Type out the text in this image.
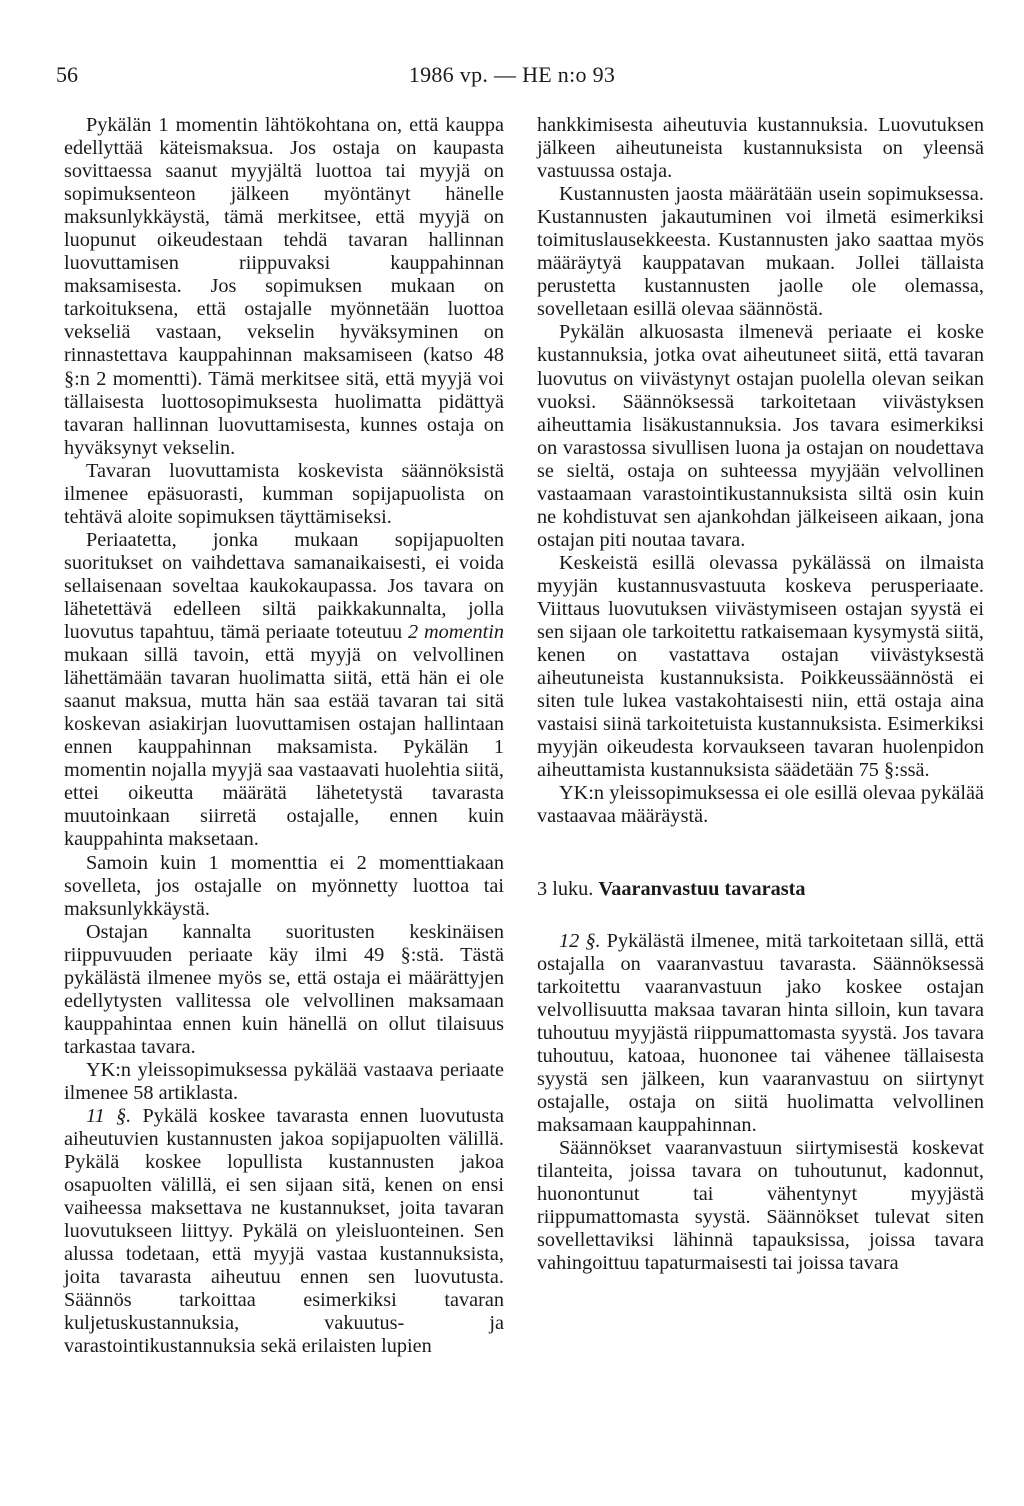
56	1986 vp. — HE n:o 93

Pykälän 1 momentin lähtökohtana on, että kauppa edellyttää käteismaksua. Jos ostaja on kaupasta sovittaessa saanut myyjältä luottoa tai myyjä on sopimuksenteon jälkeen myöntänyt hänelle maksunlykkäystä, tämä merkitsee, että myyjä on luopunut oikeudestaan tehdä tavaran hallinnan luovuttamisen riippuvaksi kauppahinnan maksamisesta. Jos sopimuksen mukaan on tarkoituksena, että ostajalle myönnetään luottoa vekseliä vastaan, vekselin hyväksyminen on rinnastettava kauppahinnan maksamiseen (katso 48 §:n 2 momentti). Tämä merkitsee sitä, että myyjä voi tällaisesta luottosopimuksesta huolimatta pidättyä tavaran hallinnan luovuttamisesta, kunnes ostaja on hyväksynyt vekselin.

Tavaran luovuttamista koskevista säännöksistä ilmenee epäsuorasti, kumman sopijapuolista on tehtävä aloite sopimuksen täyttämiseksi.

Periaatetta, jonka mukaan sopijapuolten suoritukset on vaihdettava samanaikaisesti, ei voida sellaisenaan soveltaa kaukokaupassa. Jos tavara on lähetettävä edelleen siltä paikkakunnalta, jolla luovutus tapahtuu, tämä periaate toteutuu 2 momentin mukaan sillä tavoin, että myyjä on velvollinen lähettämään tavaran huolimatta siitä, että hän ei ole saanut maksua, mutta hän saa estää tavaran tai sitä koskevan asiakirjan luovuttamisen ostajan hallintaan ennen kauppahinnan maksamista. Pykälän 1 momentin nojalla myyjä saa vastaavati huolehtia siitä, ettei oikeutta määrätä lähetetystä tavarasta muutoinkaan siirretä ostajalle, ennen kuin kauppahinta maksetaan.

Samoin kuin 1 momenttia ei 2 momenttiakaan sovelleta, jos ostajalle on myönnetty luottoa tai maksunlykkäystä.

Ostajan kannalta suoritusten keskinäisen riippuvuuden periaate käy ilmi 49 §:stä. Tästä pykälästä ilmenee myös se, että ostaja ei määrättyjen edellytysten vallitessa ole velvollinen maksamaan kauppahintaa ennen kuin hänellä on ollut tilaisuus tarkastaa tavara.

YK:n yleissopimuksessa pykälää vastaava periaate ilmenee 58 artiklasta.

11 §. Pykälä koskee tavarasta ennen luovutusta aiheutuvien kustannusten jakoa sopijapuolten välillä. Pykälä koskee lopullista kustannusten jakoa osapuolten välillä, ei sen sijaan sitä, kenen on ensi vaiheessa maksettava ne kustannukset, joita tavaran luovutukseen liittyy. Pykälä on yleisluonteinen. Sen alussa todetaan, että myyjä vastaa kustannuksista, joita tavarasta aiheutuu ennen sen luovutusta. Säännös tarkoittaa esimerkiksi tavaran kuljetuskustannuksia, vakuutus- ja varastointikustannuksia sekä erilaisten lupien

hankkimisesta aiheutuvia kustannuksia. Luovutuksen jälkeen aiheutuneista kustannuksista on yleensä vastuussa ostaja.

Kustannusten jaosta määrätään usein sopimuksessa. Kustannusten jakautuminen voi ilmetä esimerkiksi toimituslausekkeesta. Kustannusten jako saattaa myös määräytyä kauppatavan mukaan. Jollei tällaista perustetta kustannusten jaolle ole olemassa, sovelletaan esillä olevaa säännöstä.

Pykälän alkuosasta ilmenevä periaate ei koske kustannuksia, jotka ovat aiheutuneet siitä, että tavaran luovutus on viivästynyt ostajan puolella olevan seikan vuoksi. Säännöksessä tarkoitetaan viivästyksen aiheuttamia lisäkustannuksia. Jos tavara esimerkiksi on varastossa sivullisen luona ja ostajan on noudettava se sieltä, ostaja on suhteessa myyjään velvollinen vastaamaan varastointikustannuksista siltä osin kuin ne kohdistuvat sen ajankohdan jälkeiseen aikaan, jona ostajan piti noutaa tavara.

Keskeistä esillä olevassa pykälässä on ilmaista myyjän kustannusvastuuta koskeva perusperiaate. Viittaus luovutuksen viivästymiseen ostajan syystä ei sen sijaan ole tarkoitettu ratkaisemaan kysymystä siitä, kenen on vastattava ostajan viivästyksestä aiheutuneista kustannuksista. Poikkeussäännöstä ei siten tule lukea vastakohtaisesti niin, että ostaja aina vastaisi siinä tarkoitetuista kustannuksista. Esimerkiksi myyjän oikeudesta korvaukseen tavaran huolenpidon aiheuttamista kustannuksista säädetään 75 §:ssä.

YK:n yleissopimuksessa ei ole esillä olevaa pykälää vastaavaa määräystä.

3 luku. Vaaranvastuu tavarasta

12 §. Pykälästä ilmenee, mitä tarkoitetaan sillä, että ostajalla on vaaranvastuu tavarasta. Säännöksessä tarkoitettu vaaranvastuun jako koskee ostajan velvollisuutta maksaa tavaran hinta silloin, kun tavara tuhoutuu myyjästä riippumattomasta syystä. Jos tavara tuhoutuu, katoaa, huononee tai vähenee tällaisesta syystä sen jälkeen, kun vaaranvastuu on siirtynyt ostajalle, ostaja on siitä huolimatta velvollinen maksamaan kauppahinnan.

Säännökset vaaranvastuun siirtymisestä koskevat tilanteita, joissa tavara on tuhoutunut, kadonnut, huonontunut tai vähentynyt myyjästä riippumattomasta syystä. Säännökset tulevat siten sovellettaviksi lähinnä tapauksissa, joissa tavara vahingoittuu tapaturmaisesti tai joissa tavara
